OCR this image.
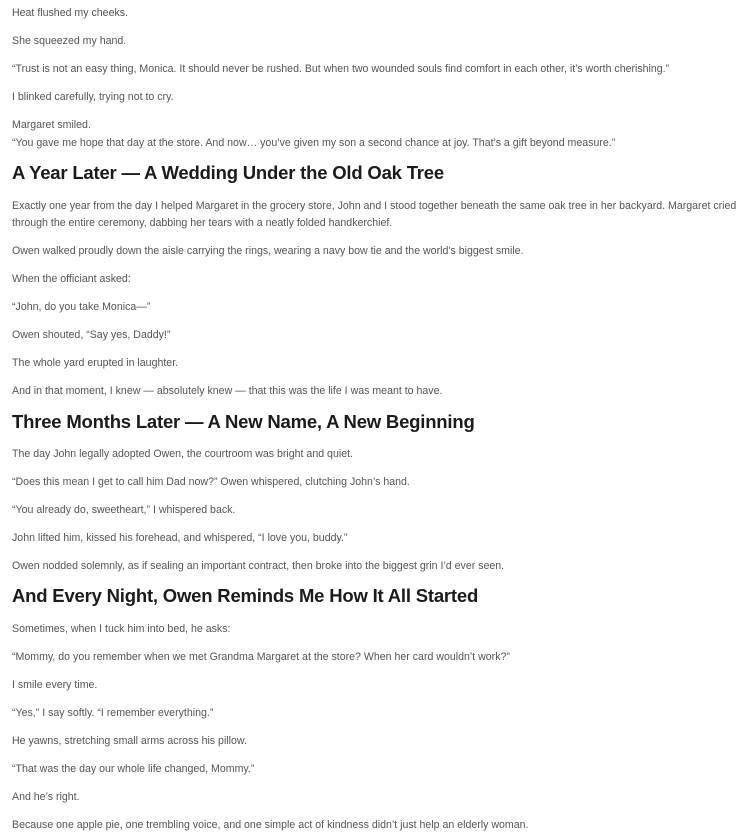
Heat flushed my cheeks.

She squeezed my hand.

“Trust is not an easy thing, Monica. It should never be rushed. But when two wounded souls find comfort in each other, it’s worth cherishing.”

I blinked carefully, trying not to cry.

Margaret smiled.

“You gave me hope that day at the store. And now… you’ve given my son a second chance at joy. That’s a gift beyond measure.”

A Year Later — A Wedding Under the Old Oak Tree

Exactly one year from the day I helped Margaret in the grocery store, John and I stood together beneath the same oak tree in her backyard. Margaret cried through the entire ceremony, dabbing her tears with a neatly folded handkerchief.

Owen walked proudly down the aisle carrying the rings, wearing a navy bow tie and the world’s biggest smile.

When the officiant asked:

“John, do you take Monica—”

Owen shouted, “Say yes, Daddy!”

The whole yard erupted in laughter.

And in that moment, I knew — absolutely knew — that this was the life I was meant to have.

Three Months Later — A New Name, A New Beginning

The day John legally adopted Owen, the courtroom was bright and quiet.

“Does this mean I get to call him Dad now?” Owen whispered, clutching John’s hand.

“You already do, sweetheart,” I whispered back.

John lifted him, kissed his forehead, and whispered, “I love you, buddy.”

Owen nodded solemnly, as if sealing an important contract, then broke into the biggest grin I’d ever seen.

And Every Night, Owen Reminds Me How It All Started

Sometimes, when I tuck him into bed, he asks:

“Mommy, do you remember when we met Grandma Margaret at the store? When her card wouldn’t work?”

I smile every time.

“Yes,” I say softly. “I remember everything.”

He yawns, stretching small arms across his pillow.

“That was the day our whole life changed, Mommy.”

And he’s right.

Because one apple pie, one trembling voice, and one simple act of kindness didn’t just help an elderly woman.
